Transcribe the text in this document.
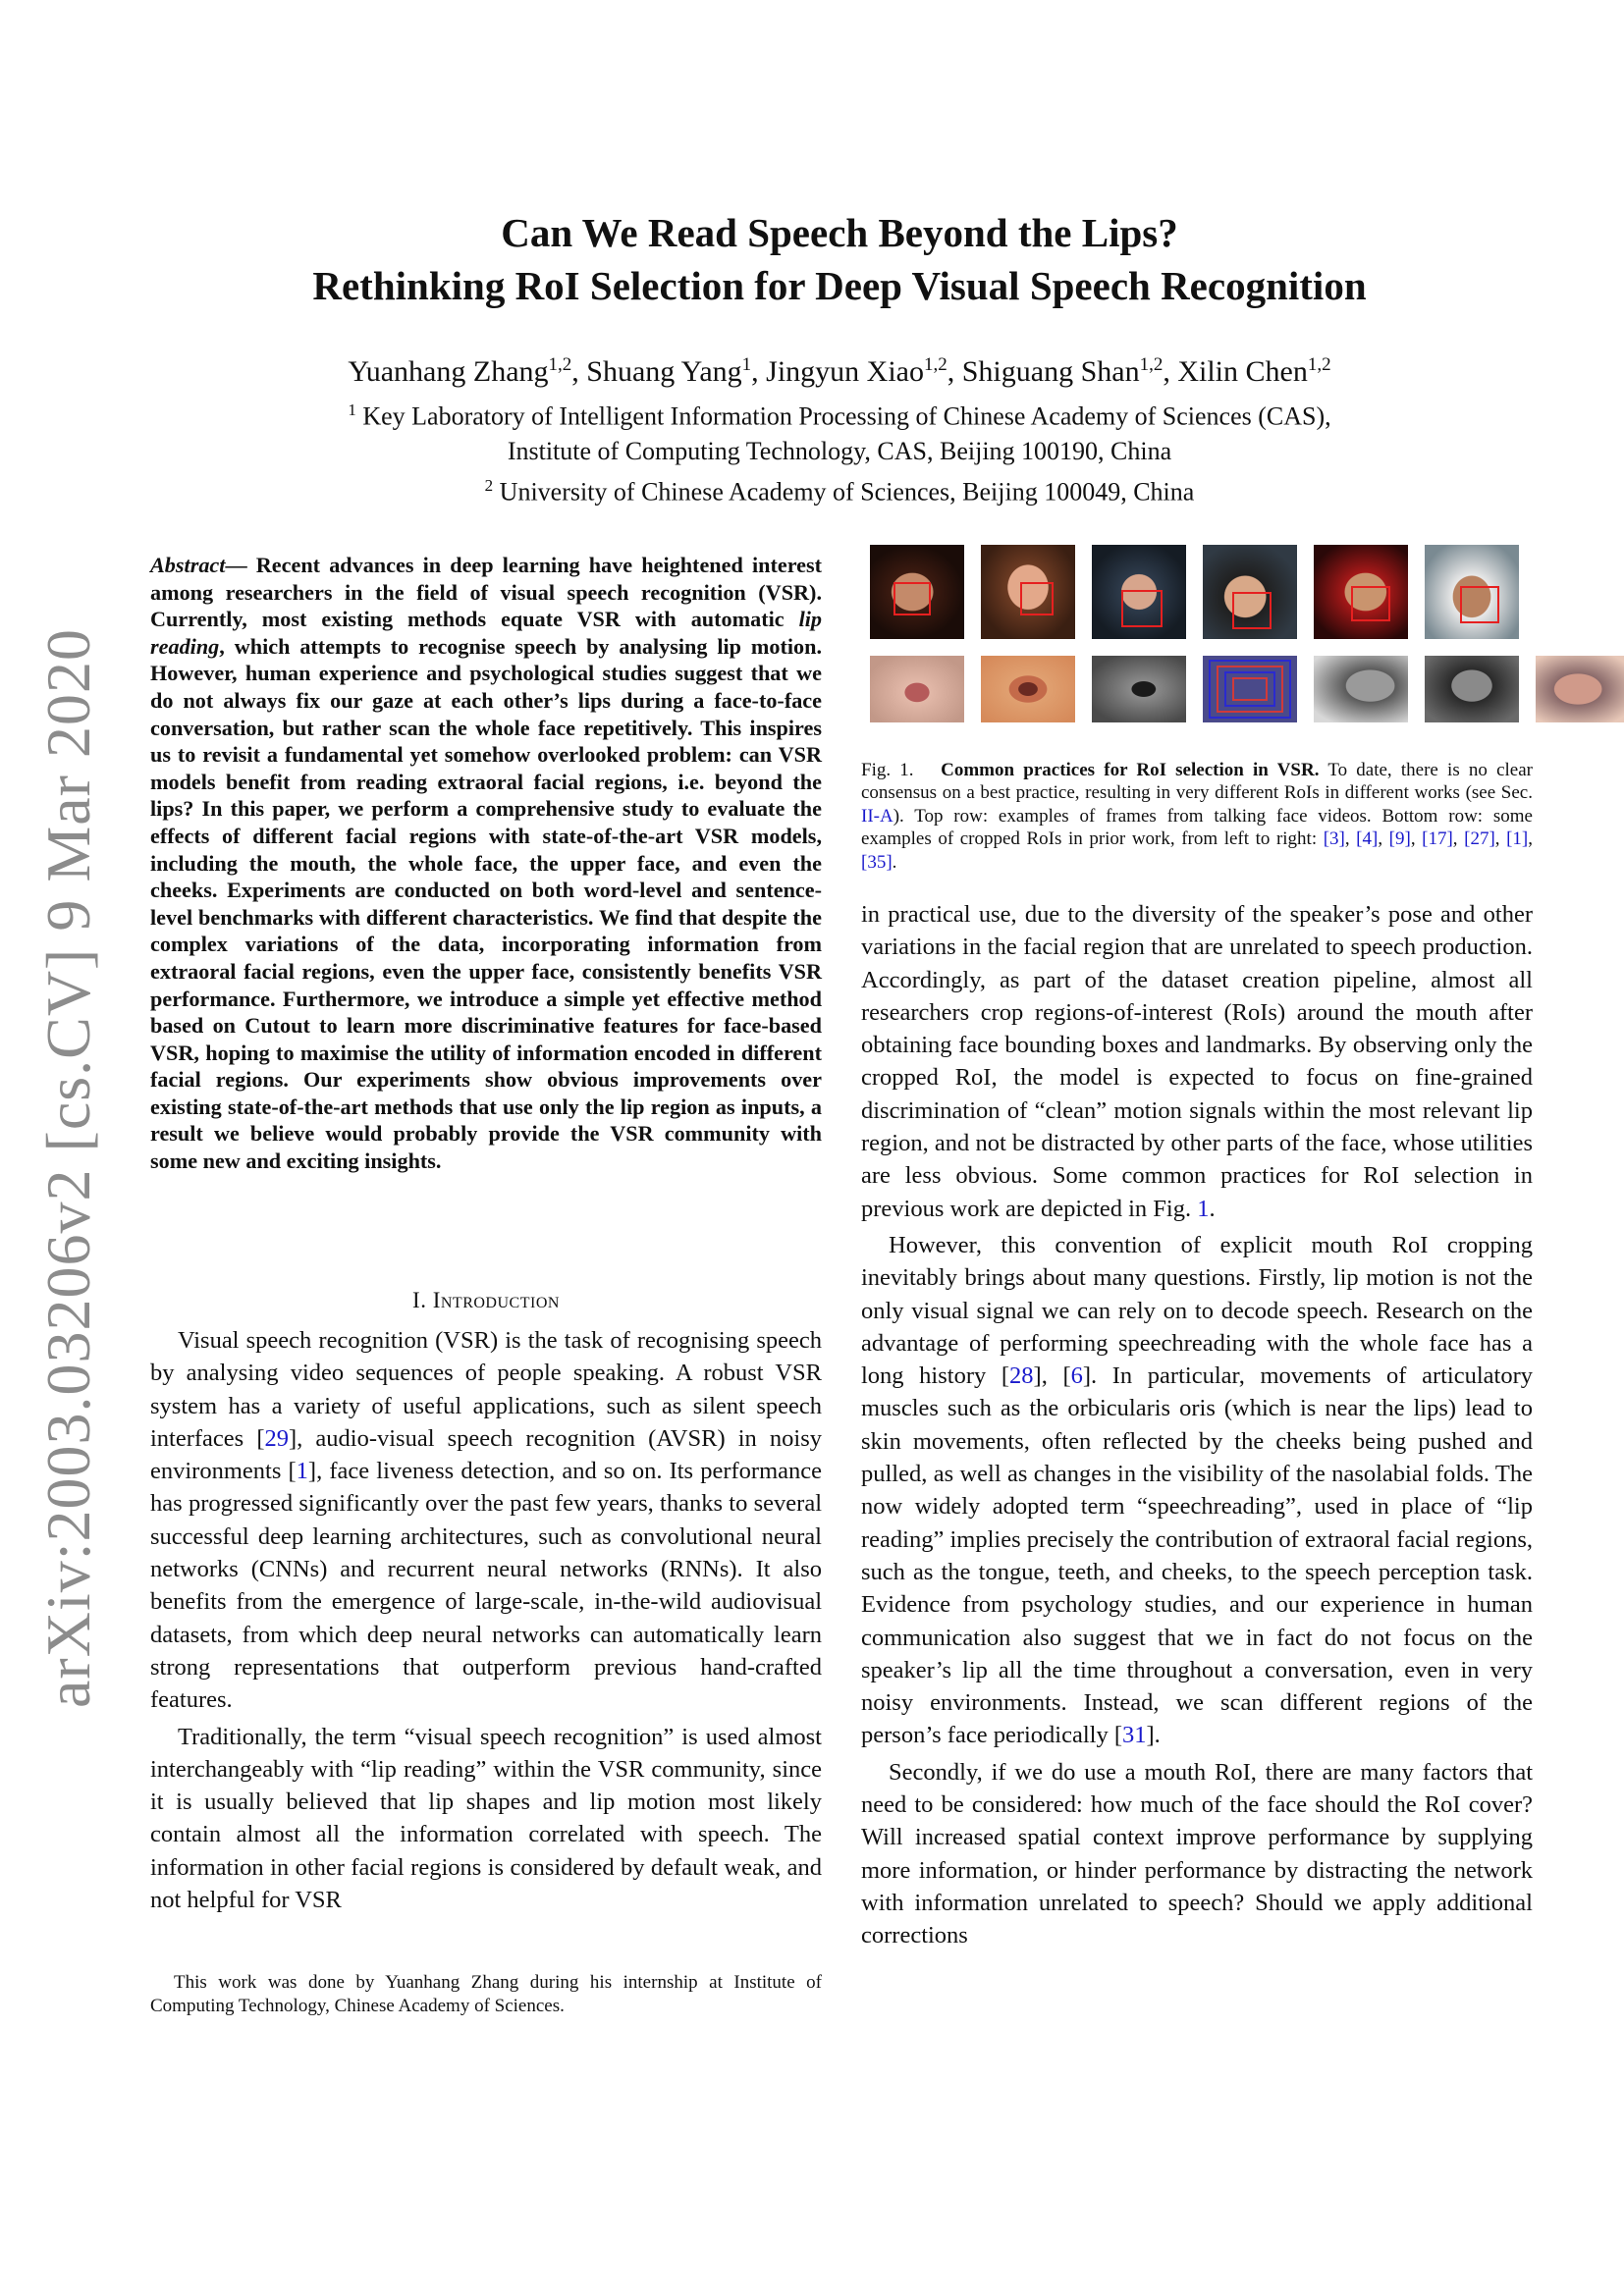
arXiv:2003.03206v2 [cs.CV] 9 Mar 2020
Can We Read Speech Beyond the Lips?
Rethinking RoI Selection for Deep Visual Speech Recognition
Yuanhang Zhang$^{1,2}$, Shuang Yang$^1$, Jingyun Xiao$^{1,2}$, Shiguang Shan$^{1,2}$, Xilin Chen$^{1,2}$
$^1$ Key Laboratory of Intelligent Information Processing of Chinese Academy of Sciences (CAS),
Institute of Computing Technology, CAS, Beijing 100190, China
$^2$ University of Chinese Academy of Sciences, Beijing 100049, China
Abstract— Recent advances in deep learning have heightened interest among researchers in the field of visual speech recognition (VSR). Currently, most existing methods equate VSR with automatic lip reading, which attempts to recognise speech by analysing lip motion. However, human experience and psychological studies suggest that we do not always fix our gaze at each other’s lips during a face-to-face conversation, but rather scan the whole face repetitively. This inspires us to revisit a fundamental yet somehow overlooked problem: can VSR models benefit from reading extraoral facial regions, i.e. beyond the lips? In this paper, we perform a comprehensive study to evaluate the effects of different facial regions with state-of-the-art VSR models, including the mouth, the whole face, the upper face, and even the cheeks. Experiments are conducted on both word-level and sentence-level benchmarks with different characteristics. We find that despite the complex variations of the data, incorporating information from extraoral facial regions, even the upper face, consistently benefits VSR performance. Furthermore, we introduce a simple yet effective method based on Cutout to learn more discriminative features for face-based VSR, hoping to maximise the utility of information encoded in different facial regions. Our experiments show obvious improvements over existing state-of-the-art methods that use only the lip region as inputs, a result we believe would probably provide the VSR community with some new and exciting insights.
I. Introduction

Visual speech recognition (VSR) is the task of recognising speech by analysing video sequences of people speaking. A robust VSR system has a variety of useful applications, such as silent speech interfaces [29], audio-visual speech recognition (AVSR) in noisy environments [1], face liveness detection, and so on. Its performance has progressed significantly over the past few years, thanks to several successful deep learning architectures, such as convolutional neural networks (CNNs) and recurrent neural networks (RNNs). It also benefits from the emergence of large-scale, in-the-wild audiovisual datasets, from which deep neural networks can automatically learn strong representations that outperform previous hand-crafted features.

Traditionally, the term “visual speech recognition” is used almost interchangeably with “lip reading” within the VSR community, since it is usually believed that lip shapes and lip motion most likely contain almost all the information correlated with speech. The information in other facial regions is considered by default weak, and not helpful for VSR

This work was done by Yuanhang Zhang during his internship at Institute of Computing Technology, Chinese Academy of Sciences.

Fig. 1. Common practices for RoI selection in VSR. To date, there is no clear consensus on a best practice, resulting in very different RoIs in different works (see Sec. II-A). Top row: examples of frames from talking face videos. Bottom row: some examples of cropped RoIs in prior work, from left to right: [3], [4], [9], [17], [27], [1], [35].

in practical use, due to the diversity of the speaker’s pose and other variations in the facial region that are unrelated to speech production. Accordingly, as part of the dataset creation pipeline, almost all researchers crop regions-of-interest (RoIs) around the mouth after obtaining face bounding boxes and landmarks. By observing only the cropped RoI, the model is expected to focus on fine-grained discrimination of “clean” motion signals within the most relevant lip region, and not be distracted by other parts of the face, whose utilities are less obvious. Some common practices for RoI selection in previous work are depicted in Fig. 1.

However, this convention of explicit mouth RoI cropping inevitably brings about many questions. Firstly, lip motion is not the only visual signal we can rely on to decode speech. Research on the advantage of performing speechreading with the whole face has a long history [28], [6]. In particular, movements of articulatory muscles such as the orbicularis oris (which is near the lips) lead to skin movements, often reflected by the cheeks being pushed and pulled, as well as changes in the visibility of the nasolabial folds. The now widely adopted term “speechreading”, used in place of “lip reading” implies precisely the contribution of extraoral facial regions, such as the tongue, teeth, and cheeks, to the speech perception task. Evidence from psychology studies, and our experience in human communication also suggest that we in fact do not focus on the speaker’s lip all the time throughout a conversation, even in very noisy environments. Instead, we scan different regions of the person’s face periodically [31].

Secondly, if we do use a mouth RoI, there are many factors that need to be considered: how much of the face should the RoI cover? Will increased spatial context improve performance by supplying more information, or hinder performance by distracting the network with information unrelated to speech? Should we apply additional corrections
